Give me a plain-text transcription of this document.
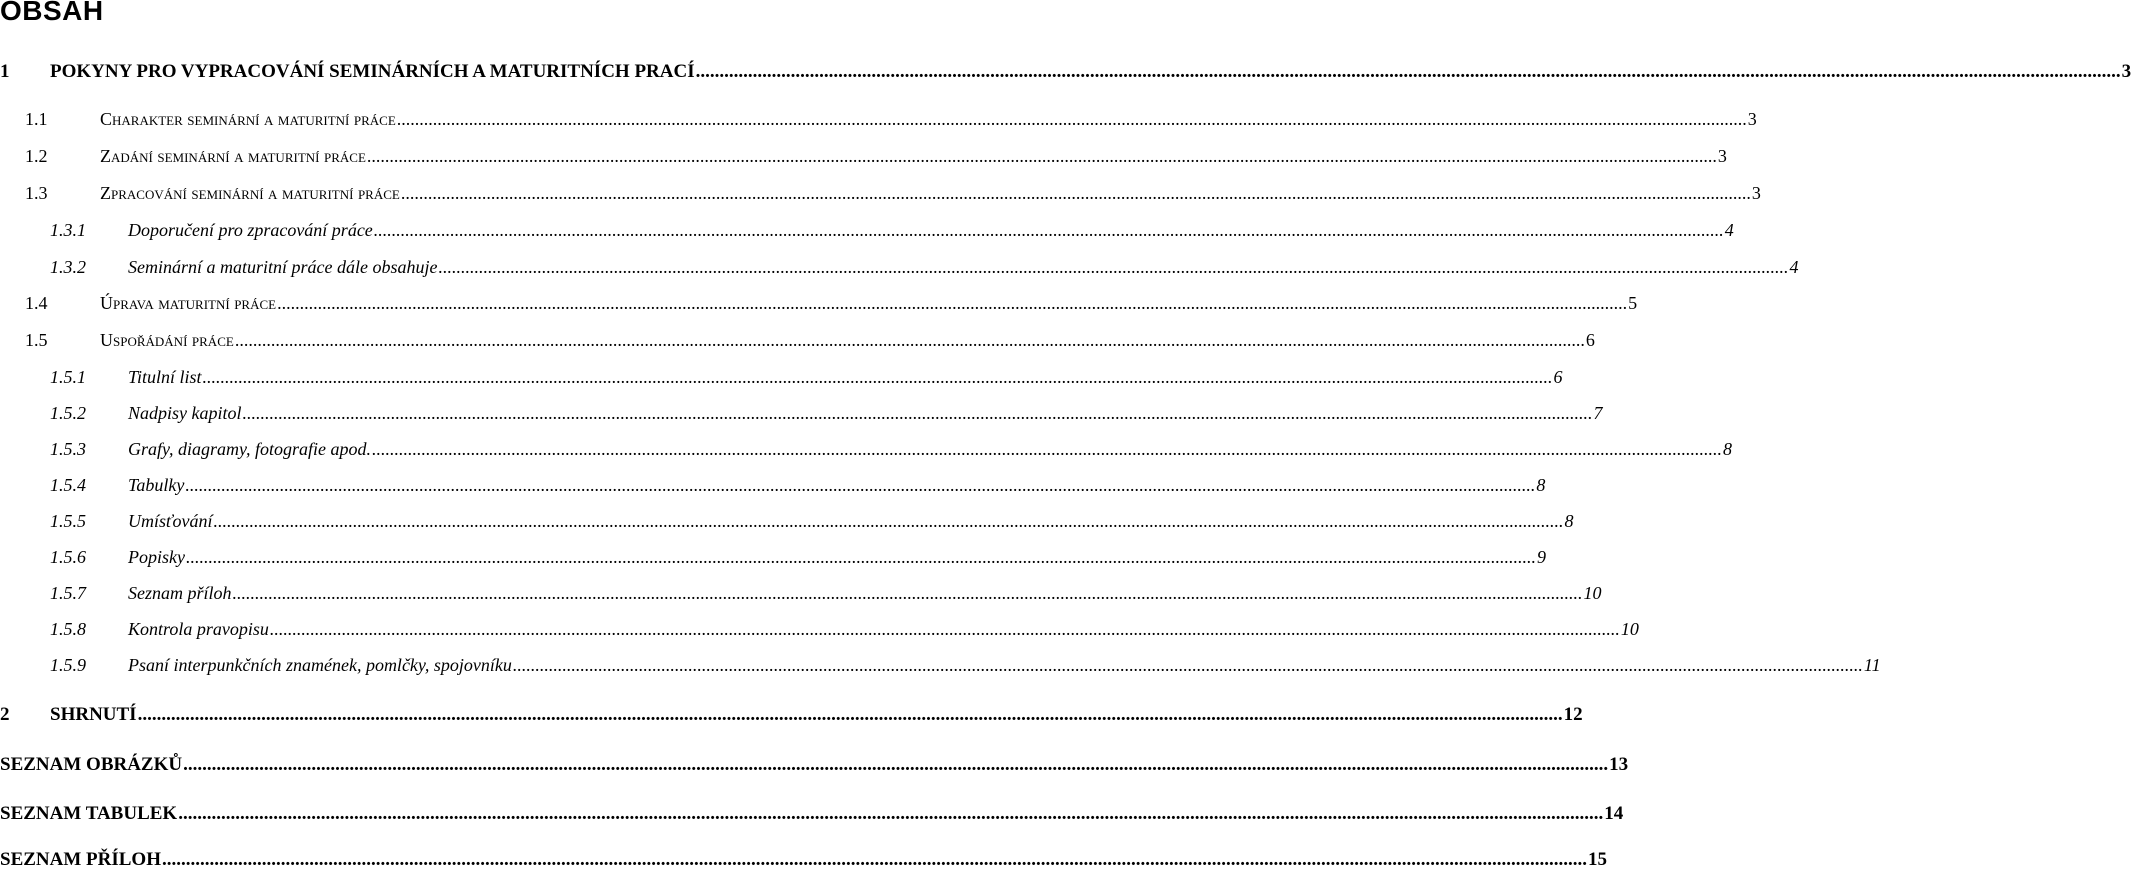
OBSAH
1	POKYNY PRO VYPRACOVÁNÍ SEMINÁRNÍCH A MATURITNÍCH PRACÍ ............................................................................................................................................................................................................................................................................................................ 3
1.1	Charakter seminární a maturitní práce ............................................................................................................................................................................................................................................................................................................ 3
1.2	Zadání seminární a maturitní práce ............................................................................................................................................................................................................................................................................................................ 3
1.3	Zpracování seminární a maturitní práce ............................................................................................................................................................................................................................................................................................................ 3
1.3.1	Doporučení pro zpracování práce ............................................................................................................................................................................................................................................................................................................ 4
1.3.2	Seminární a maturitní práce dále obsahuje ............................................................................................................................................................................................................................................................................................................ 4
1.4	Úprava maturitní práce ............................................................................................................................................................................................................................................................................................................ 5
1.5	Uspořádání práce ............................................................................................................................................................................................................................................................................................................ 6
1.5.1	Titulní list ............................................................................................................................................................................................................................................................................................................ 6
1.5.2	Nadpisy kapitol ............................................................................................................................................................................................................................................................................................................ 7
1.5.3	Grafy, diagramy, fotografie apod. ............................................................................................................................................................................................................................................................................................................ 8
1.5.4	Tabulky ............................................................................................................................................................................................................................................................................................................ 8
1.5.5	Umísťování ............................................................................................................................................................................................................................................................................................................ 8
1.5.6	Popisky ............................................................................................................................................................................................................................................................................................................ 9
1.5.7	Seznam příloh ............................................................................................................................................................................................................................................................................................................ 10
1.5.8	Kontrola pravopisu ............................................................................................................................................................................................................................................................................................................ 10
1.5.9	Psaní interpunkčních znamének, pomlčky, spojovníku ............................................................................................................................................................................................................................................................................................................ 11
2	SHRNUTÍ ............................................................................................................................................................................................................................................................................................................ 12
SEZNAM OBRÁZKŮ ............................................................................................................................................................................................................................................................................................................ 13
SEZNAM TABULEK ............................................................................................................................................................................................................................................................................................................ 14
SEZNAM PŘÍLOH ............................................................................................................................................................................................................................................................................................................ 15
